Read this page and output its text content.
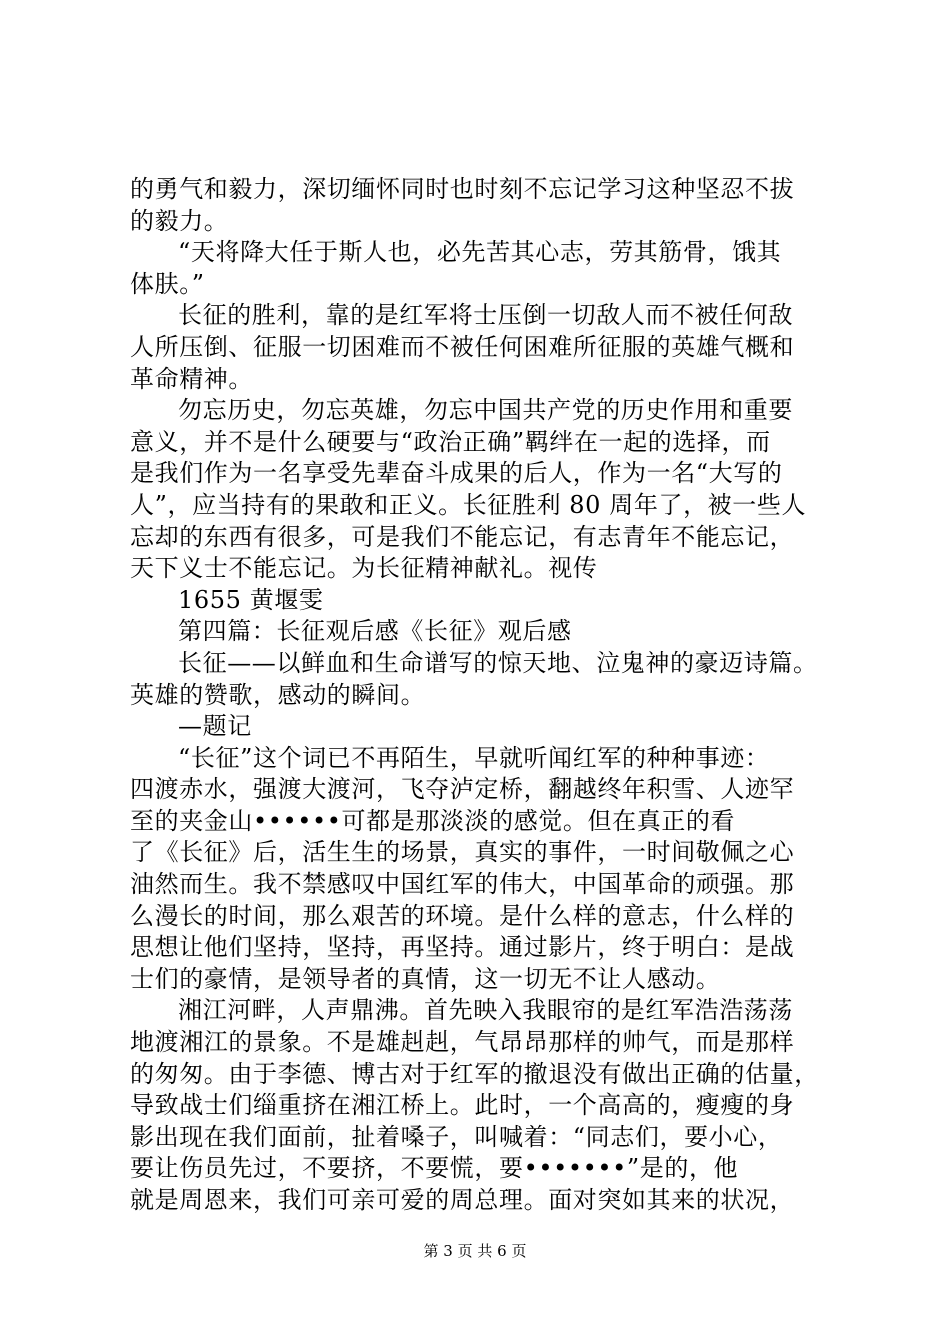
的勇气和毅力，深切缅怀同时也时刻不忘记学习这种坚忍不拔
的毅力。
“天将降大任于斯人也，必先苦其心志，劳其筋骨，饿其
体肤。”
长征的胜利，靠的是红军将士压倒一切敌人而不被任何敌
人所压倒、征服一切困难而不被任何困难所征服的英雄气概和
革命精神。
勿忘历史，勿忘英雄，勿忘中国共产党的历史作用和重要
意义，并不是什么硬要与“政治正确”羁绊在一起的选择，而
是我们作为一名享受先辈奋斗成果的后人，作为一名“大写的
人”，应当持有的果敢和正义。长征胜利 80 周年了，被一些人
忘却的东西有很多，可是我们不能忘记，有志青年不能忘记，
天下义士不能忘记。为长征精神献礼。视传
1655 黄堰雯
第四篇：长征观后感《长征》观后感
长征——以鲜血和生命谱写的惊天地、泣鬼神的豪迈诗篇。
英雄的赞歌，感动的瞬间。
—题记
“长征”这个词已不再陌生，早就听闻红军的种种事迹：
四渡赤水，强渡大渡河，飞夺泸定桥，翻越终年积雪、人迹罕
至的夹金山••••••可都是那淡淡的感觉。但在真正的看
了《长征》后，活生生的场景，真实的事件，一时间敬佩之心
油然而生。我不禁感叹中国红军的伟大，中国革命的顽强。那
么漫长的时间，那么艰苦的环境。是什么样的意志，什么样的
思想让他们坚持，坚持，再坚持。通过影片，终于明白：是战
士们的豪情，是领导者的真情，这一切无不让人感动。
湘江河畔，人声鼎沸。首先映入我眼帘的是红军浩浩荡荡
地渡湘江的景象。不是雄赳赳，气昂昂那样的帅气，而是那样
的匆匆。由于李德、博古对于红军的撤退没有做出正确的估量，
导致战士们缁重挤在湘江桥上。此时，一个高高的，瘦瘦的身
影出现在我们面前，扯着嗓子，叫喊着：“同志们，要小心，
要让伤员先过，不要挤，不要慌，要•••••••”是的，他
就是周恩来，我们可亲可爱的周总理。面对突如其来的状况，
第 3 页 共 6 页
